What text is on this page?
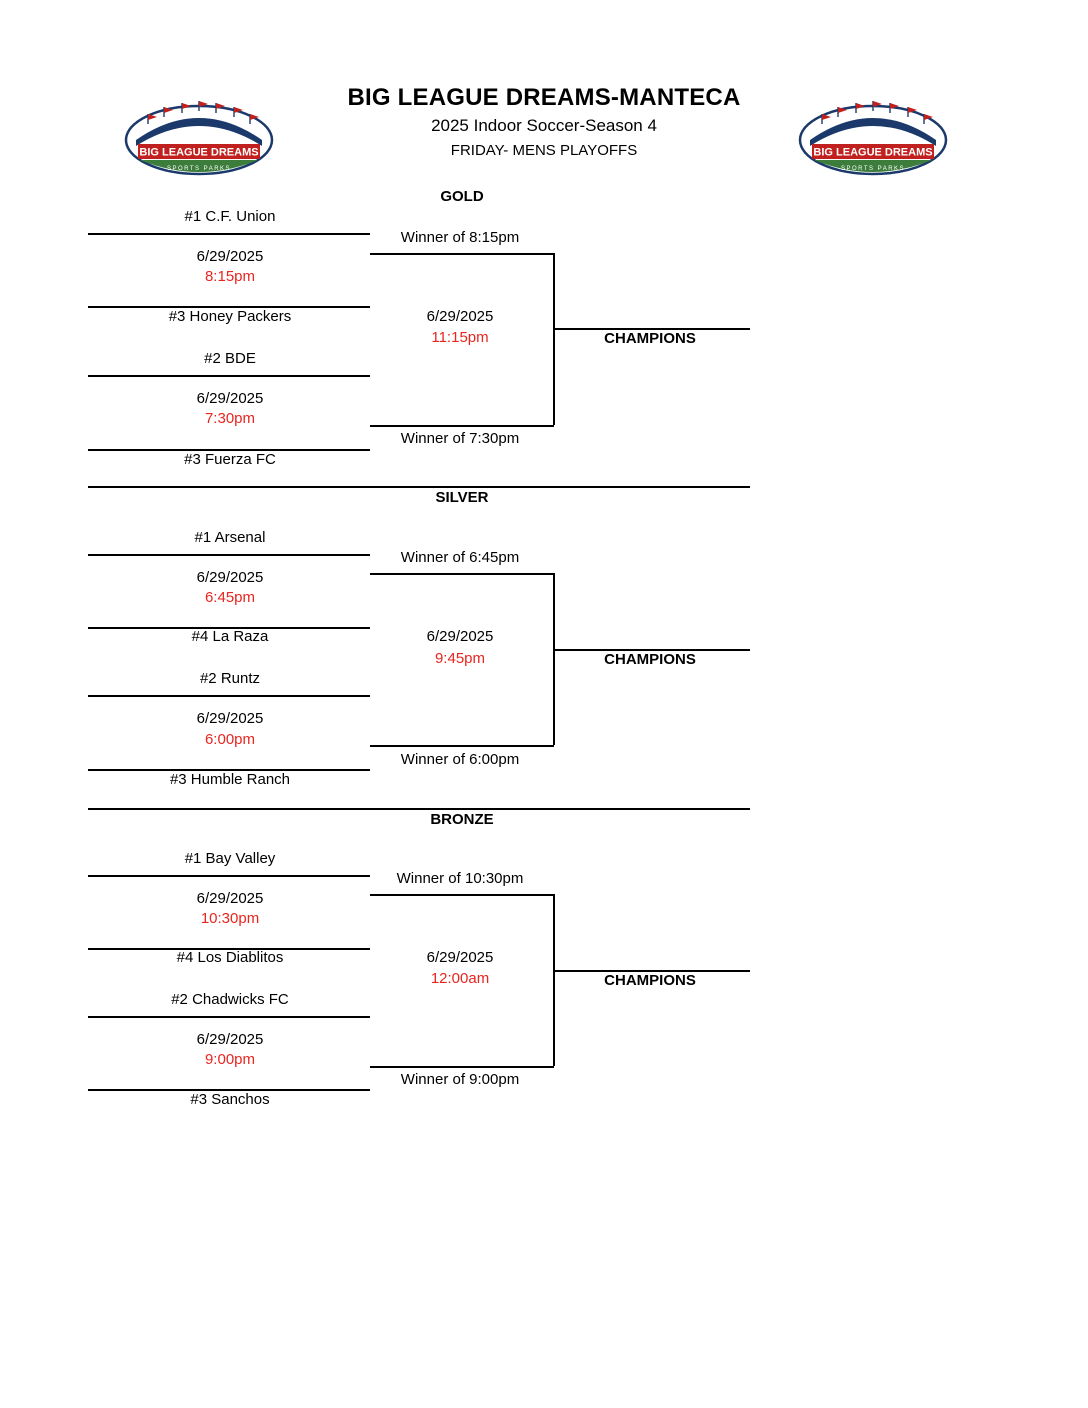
BIG LEAGUE DREAMS-MANTECA
2025 Indoor Soccer-Season 4
FRIDAY- MENS PLAYOFFS
BIG LEAGUE DREAMS
SPORTS PARKS
BIG LEAGUE DREAMS
SPORTS PARKS
GOLD
#1 C.F. Union
6/29/2025
8:15pm
#3 Honey Packers
#2 BDE
6/29/2025
7:30pm
#3 Fuerza FC
Winner of 8:15pm
Winner of 7:30pm
6/29/2025
11:15pm	CHAMPIONS
SILVER
#1 Arsenal
6/29/2025
6:45pm
#4 La Raza
#2 Runtz
6/29/2025
6:00pm
#3 Humble Ranch
Winner of 6:45pm
Winner of 6:00pm
6/29/2025
9:45pm	CHAMPIONS
BRONZE
#1 Bay Valley
6/29/2025
10:30pm
#4 Los Diablitos
#2 Chadwicks FC
6/29/2025
9:00pm
#3 Sanchos
Winner of 10:30pm
Winner of 9:00pm
6/29/2025
12:00am	CHAMPIONS
